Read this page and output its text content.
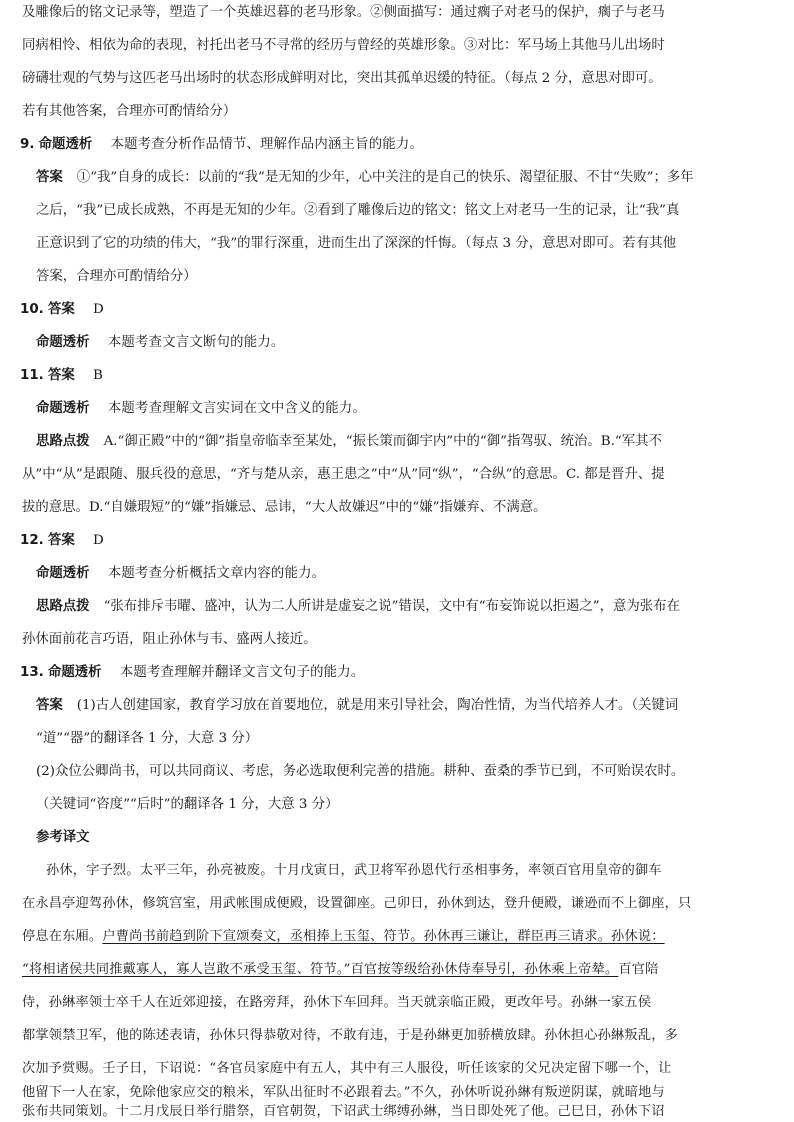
及雕像后的铭文记录等，塑造了一个英雄迟暮的老马形象。②侧面描写：通过瘸子对老马的保护，瘸子与老马
同病相怜、相依为命的表现，衬托出老马不寻常的经历与曾经的英雄形象。③对比：军马场上其他马儿出场时
磅礴壮观的气势与这匹老马出场时的状态形成鲜明对比，突出其孤单迟缓的特征。（每点 2 分，意思对即可。
若有其他答案，合理亦可酌情给分）
9. 命题透析 本题考查分析作品情节、理解作品内涵主旨的能力。
答案 ①“我”自身的成长：以前的“我”是无知的少年，心中关注的是自己的快乐、渴望征服、不甘“失败”；多年
之后，“我”已成长成熟，不再是无知的少年。②看到了雕像后边的铭文：铭文上对老马一生的记录，让“我”真
正意识到了它的功绩的伟大，“我”的罪行深重，进而生出了深深的忏悔。（每点 3 分，意思对即可。若有其他
答案，合理亦可酌情给分）
10. 答案 D
命题透析 本题考查文言文断句的能力。
11. 答案 B
命题透析 本题考查理解文言实词在文中含义的能力。
思路点拨 A.“御正殿”中的“御”指皇帝临幸至某处，“振长策而御宇内”中的“御”指驾驭、统治。B.“军其不
从”中“从”是跟随、服兵役的意思，“齐与楚从亲，惠王患之”中“从”同“纵”，“合纵”的意思。C. 都是晋升、提
拔的意思。D.“自嫌瑕短”的“嫌”指嫌忌、忌讳，“大人故嫌迟”中的“嫌”指嫌弃、不满意。
12. 答案 D
命题透析 本题考查分析概括文章内容的能力。
思路点拨 “张布排斥韦曜、盛冲，认为二人所讲是虚妄之说”错误，文中有“布妄饰说以拒遏之”，意为张布在
孙休面前花言巧语，阻止孙休与韦、盛两人接近。
13. 命题透析 本题考查理解并翻译文言文句子的能力。
答案 (1)古人创建国家，教育学习放在首要地位，就是用来引导社会，陶冶性情，为当代培养人才。（关键词
“道”“器”的翻译各 1 分，大意 3 分）
(2)众位公卿尚书，可以共同商议、考虑，务必选取便利完善的措施。耕种、蚕桑的季节已到，不可贻误农时。
（关键词“咨度”“后时”的翻译各 1 分，大意 3 分）
参考译文
孙休，字子烈。太平三年，孙亮被废。十月戊寅日，武卫将军孙恩代行丞相事务，率领百官用皇帝的御车
在永昌亭迎驾孙休，修筑宫室，用武帐围成便殿，设置御座。己卯日，孙休到达，登升便殿，谦逊而不上御座，只
停息在东厢。户曹尚书前趋到阶下宣颂奏文，丞相捧上玉玺、符节。孙休再三谦让，群臣再三请求。孙休说：
“将相诸侯共同推戴寡人，寡人岂敢不承受玉玺、符节。”百官按等级给孙休侍奉导引，孙休乘上帝辇。百官陪
侍，孙綝率领士卒千人在近郊迎接，在路旁拜，孙休下车回拜。当天就亲临正殿，更改年号。孙綝一家五侯
都掌领禁卫军，他的陈述表请，孙休只得恭敬对待，不敢有违，于是孙綝更加骄横放肆。孙休担心孙綝叛乱，多
次加予赏赐。壬子日，下诏说：“各官员家庭中有五人，其中有三人服役，听任该家的父兄决定留下哪一个，让
他留下一人在家，免除他家应交的粮米，军队出征时不必跟着去。”不久，孙休听说孙綝有叛逆阴谋，就暗地与
张布共同策划。十二月戊辰日举行腊祭，百官朝贺，下诏武士绑缚孙綝，当日即处死了他。己巳日，孙休下诏
